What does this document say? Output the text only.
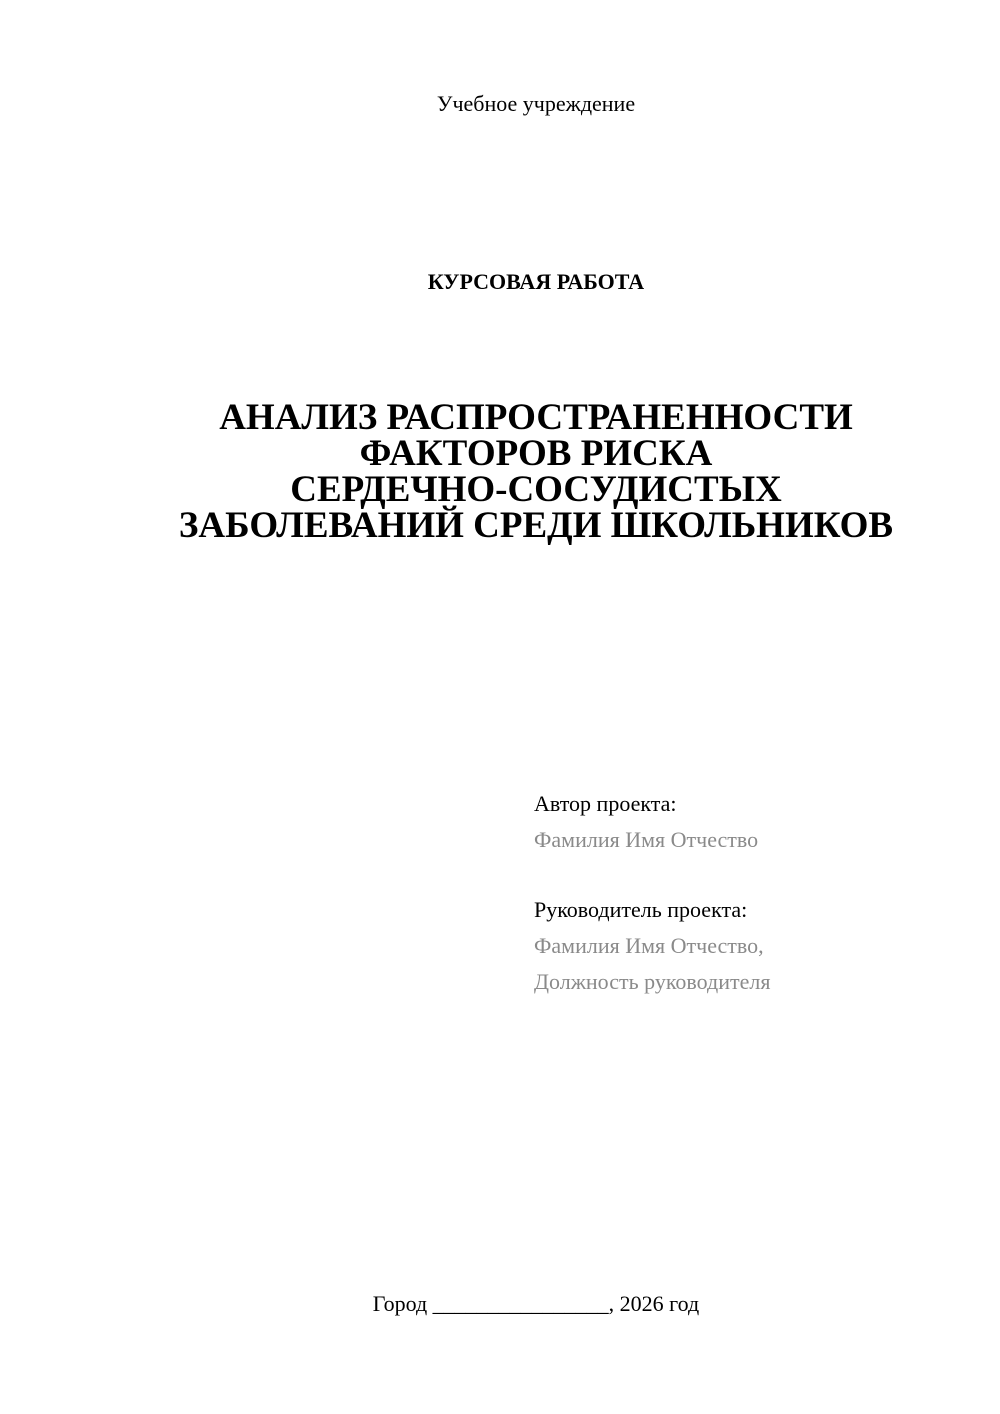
Учебное учреждение
КУРСОВАЯ РАБОТА
АНАЛИЗ РАСПРОСТРАНЕННОСТИ
ФАКТОРОВ РИСКА
СЕРДЕЧНО-СОСУДИСТЫХ
ЗАБОЛЕВАНИЙ СРЕДИ ШКОЛЬНИКОВ
Автор проекта:
Фамилия Имя Отчество
Руководитель проекта:
Фамилия Имя Отчество,
Должность руководителя
Город ________________, 2026 год
